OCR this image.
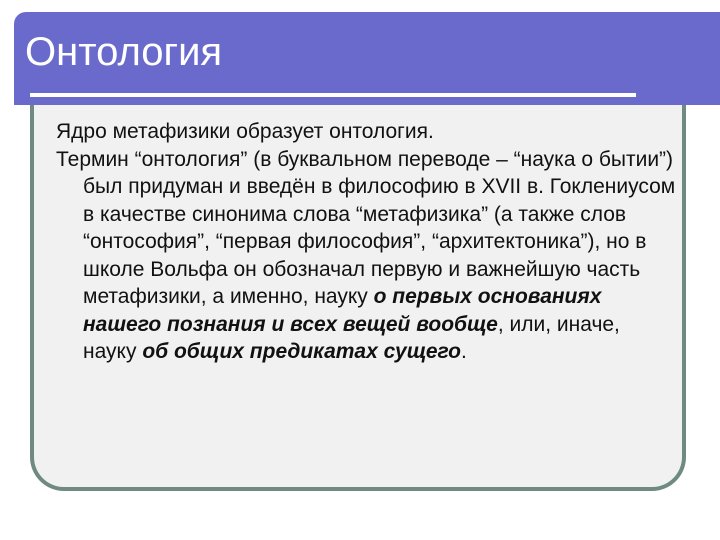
Онтология

Ядро метафизики образует онтология.

Термин “онтология” (в буквальном переводе – “наука о бытии”) был придуман и введён в философию в XVII в. Гоклениусом в качестве синонима слова “метафизика” (а также слов “онтософия”, “первая философия”, “архитектоника”), но в школе Вольфа он обозначал первую и важнейшую часть метафизики, а именно, науку о первых основаниях нашего познания и всех вещей вообще, или, иначе, науку об общих предикатах сущего.
